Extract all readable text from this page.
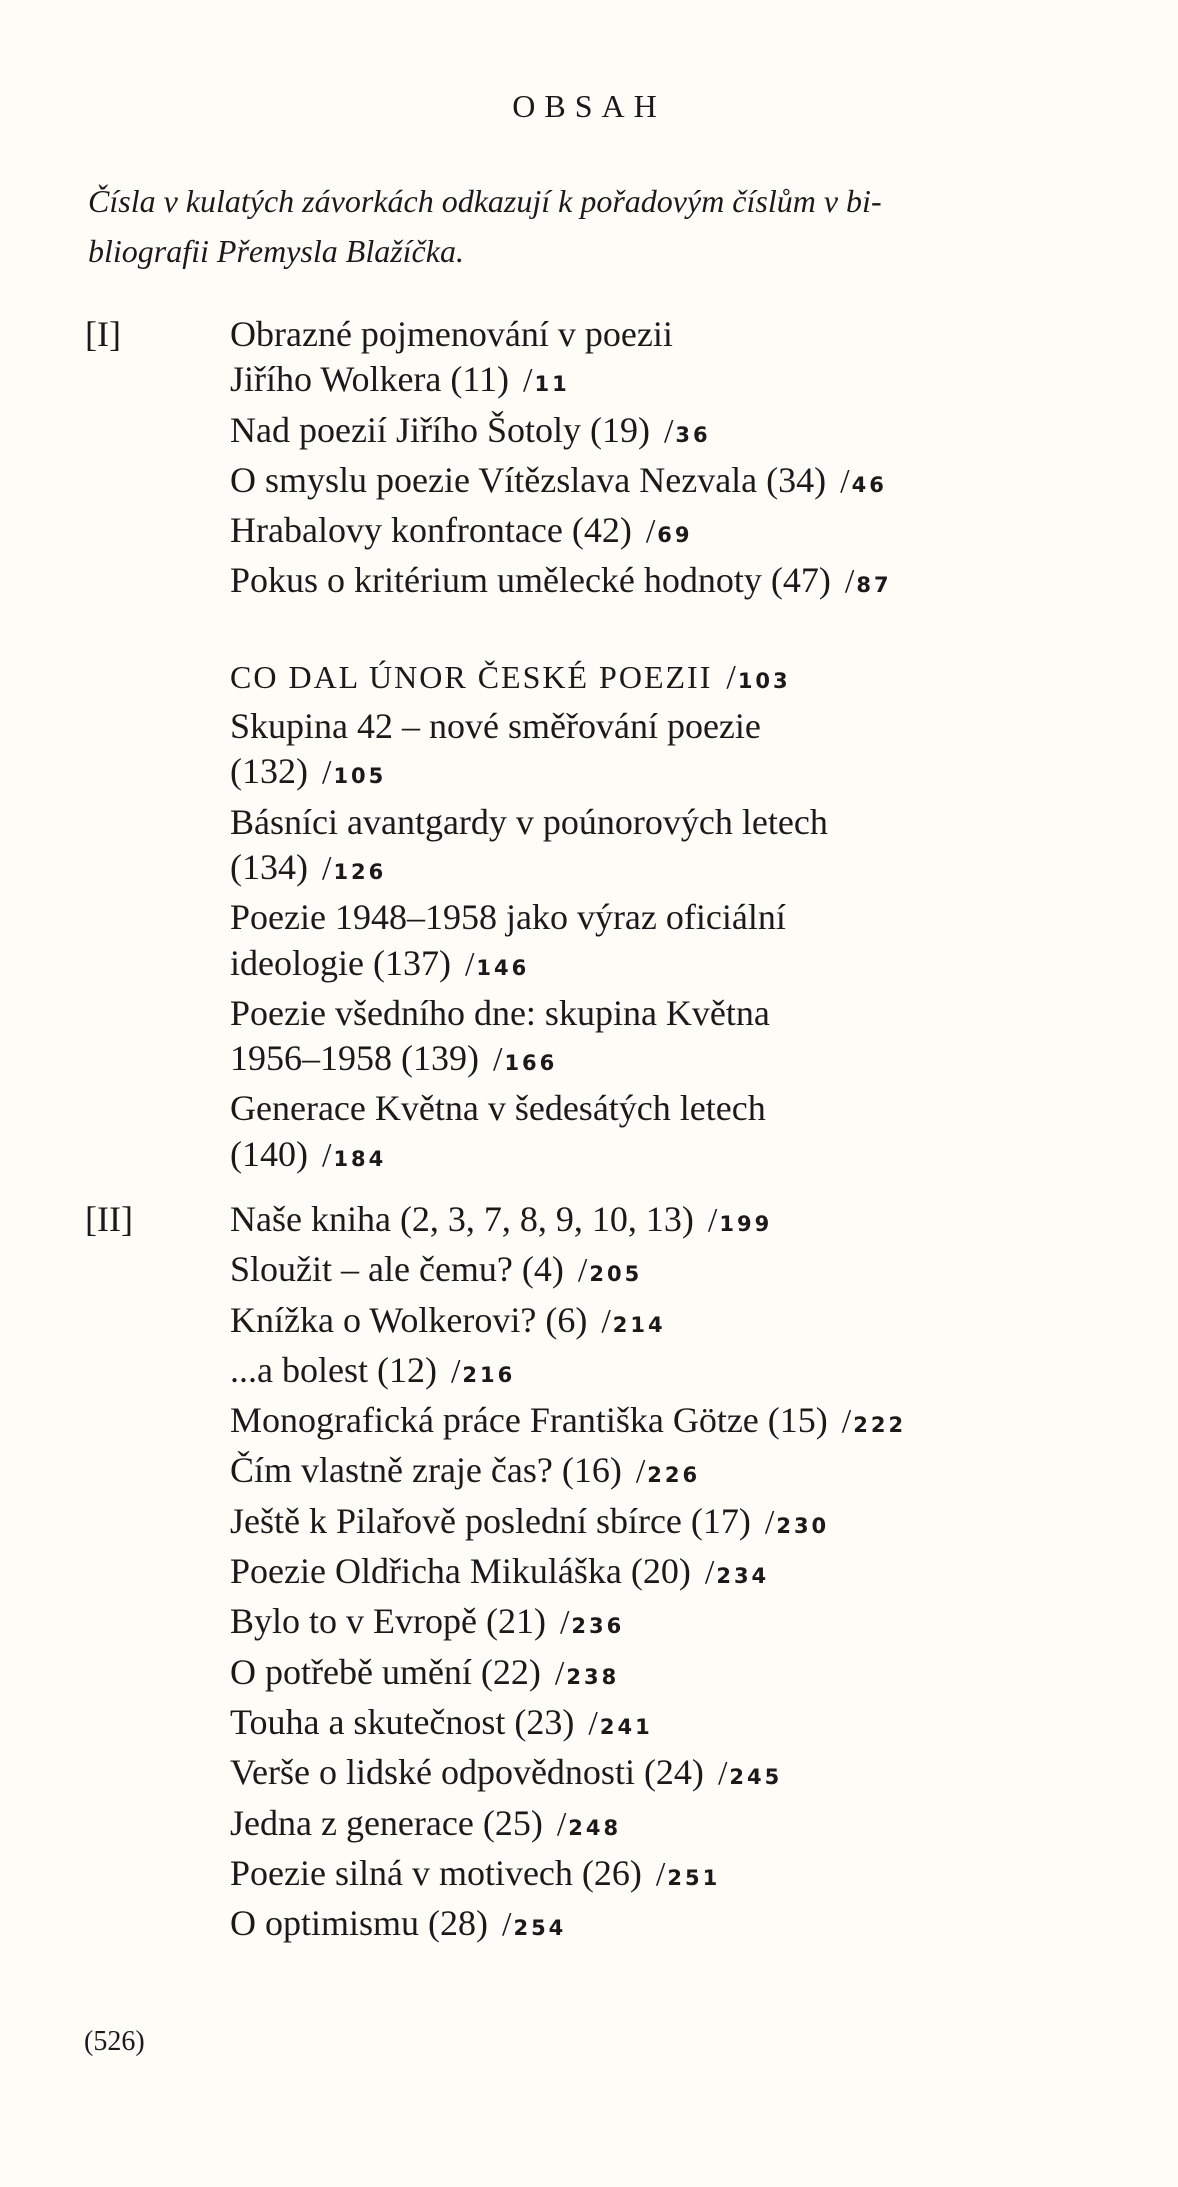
OBSAH
Čísla v kulatých závorkách odkazují k pořadovým číslům v bi-
bliografii Přemysla Blažíčka.
[I]	Obrazné pojmenování v poezii
Jiřího Wolkera (11) / 11
Nad poezií Jiřího Šotoly (19) / 36
O smyslu poezie Vítězslava Nezvala (34) / 46
Hrabalovy konfrontace (42) / 69
Pokus o kritérium umělecké hodnoty (47) / 87
CO DAL ÚNOR ČESKÉ POEZII / 103
Skupina 42 – nové směřování poezie
(132) / 105
Básníci avantgardy v poúnorových letech
(134) / 126
Poezie 1948–1958 jako výraz oficiální
ideologie (137) / 146
Poezie všedního dne: skupina Května
1956–1958 (139) / 166
Generace Května v šedesátých letech
(140) / 184
[II]	Naše kniha (2, 3, 7, 8, 9, 10, 13) / 199
Sloužit – ale čemu? (4) / 205
Knížka o Wolkerovi? (6) / 214
...a bolest (12) / 216
Monografická práce Františka Götze (15) / 222
Čím vlastně zraje čas? (16) / 226
Ještě k Pilařově poslední sbírce (17) / 230
Poezie Oldřicha Mikuláška (20) / 234
Bylo to v Evropě (21) / 236
O potřebě umění (22) / 238
Touha a skutečnost (23) / 241
Verše o lidské odpovědnosti (24) / 245
Jedna z generace (25) / 248
Poezie silná v motivech (26) / 251
O optimismu (28) / 254
(526)
